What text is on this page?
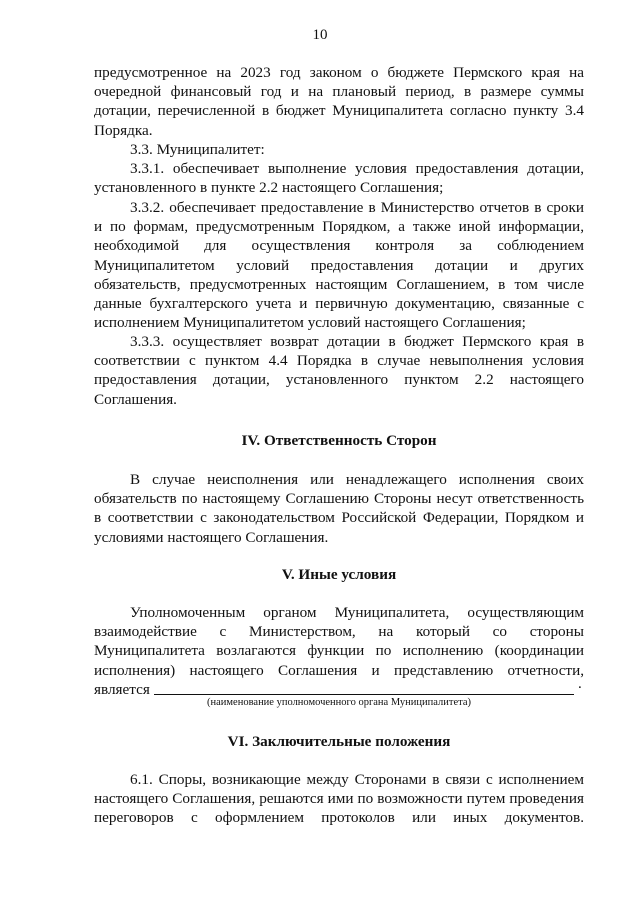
10

предусмотренное на 2023 год законом о бюджете Пермского края на очередной финансовый год и на плановый период, в размере суммы дотации, перечисленной в бюджет Муниципалитета согласно пункту 3.4 Порядка.

3.3. Муниципалитет:

3.3.1. обеспечивает выполнение условия предоставления дотации, установленного в пункте 2.2 настоящего Соглашения;

3.3.2. обеспечивает предоставление в Министерство отчетов в сроки и по формам, предусмотренным Порядком, а также иной информации, необходимой для осуществления контроля за соблюдением Муниципалитетом условий предоставления дотации и других обязательств, предусмотренных настоящим Соглашением, в том числе данные бухгалтерского учета и первичную документацию, связанные с исполнением Муниципалитетом условий настоящего Соглашения;

3.3.3. осуществляет возврат дотации в бюджет Пермского края в соответствии с пунктом 4.4 Порядка в случае невыполнения условия предоставления дотации, установленного пунктом 2.2 настоящего Соглашения.

IV. Ответственность Сторон

В случае неисполнения или ненадлежащего исполнения своих обязательств по настоящему Соглашению Стороны несут ответственность в соответствии с законодательством Российской Федерации, Порядком и условиями настоящего Соглашения.

V. Иные условия

Уполномоченным органом Муниципалитета, осуществляющим взаимодействие с Министерством, на который со стороны Муниципалитета возлагаются функции по исполнению (координации исполнения) настоящего Соглашения и представлению отчетности, является	.
(наименование уполномоченного органа Муниципалитета)
VI. Заключительные положения

6.1. Споры, возникающие между Сторонами в связи с исполнением настоящего Соглашения, решаются ими по возможности путем проведения переговоров с оформлением протоколов или иных документов.
